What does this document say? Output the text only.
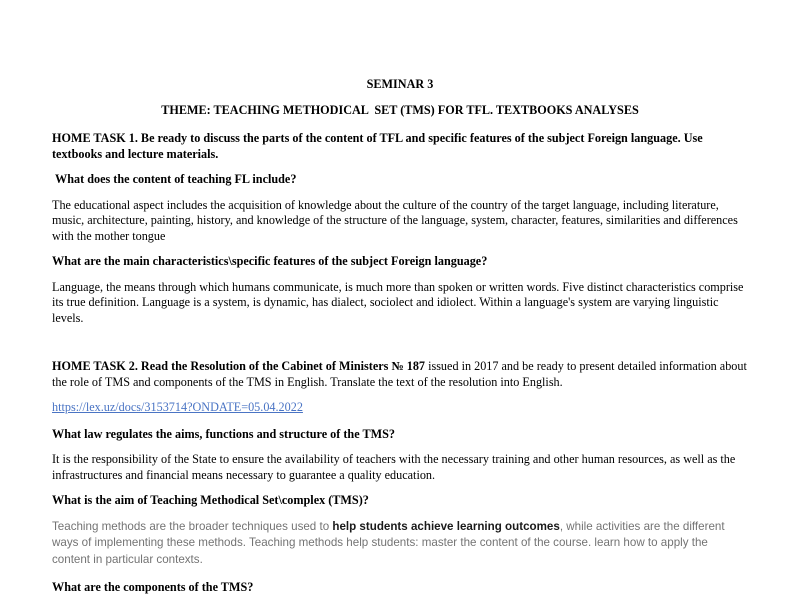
SEMINAR 3

THEME: TEACHING METHODICAL  SET (TMS) FOR TFL. TEXTBOOKS ANALYSES

HOME TASK 1. Be ready to discuss the parts of the content of TFL and specific features of the subject Foreign language. Use textbooks and lecture materials.

What does the content of teaching FL include?

The educational aspect includes the acquisition of knowledge about the culture of the country of the target language, including literature, music, architecture, painting, history, and knowledge of the structure of the language, system, character, features, similarities and differences with the mother tongue

What are the main characteristics\specific features of the subject Foreign language?

Language, the means through which humans communicate, is much more than spoken or written words. Five distinct characteristics comprise its true definition. Language is a system, is dynamic, has dialect, sociolect and idiolect. Within a language's system are varying linguistic levels.

HOME TASK 2. Read the Resolution of the Cabinet of Ministers № 187 issued in 2017 and be ready to present detailed information about the role of TMS and components of the TMS in English. Translate the text of the resolution into English.

https://lex.uz/docs/3153714?ONDATE=05.04.2022

What law regulates the aims, functions and structure of the TMS?

It is the responsibility of the State to ensure the availability of teachers with the necessary training and other human resources, as well as the infrastructures and financial means necessary to guarantee a quality education.

What is the aim of Teaching Methodical Set\complex (TMS)?

Teaching methods are the broader techniques used to help students achieve learning outcomes, while activities are the different ways of implementing these methods. Teaching methods help students: master the content of the course. learn how to apply the content in particular contexts.

What are the components of the TMS?
